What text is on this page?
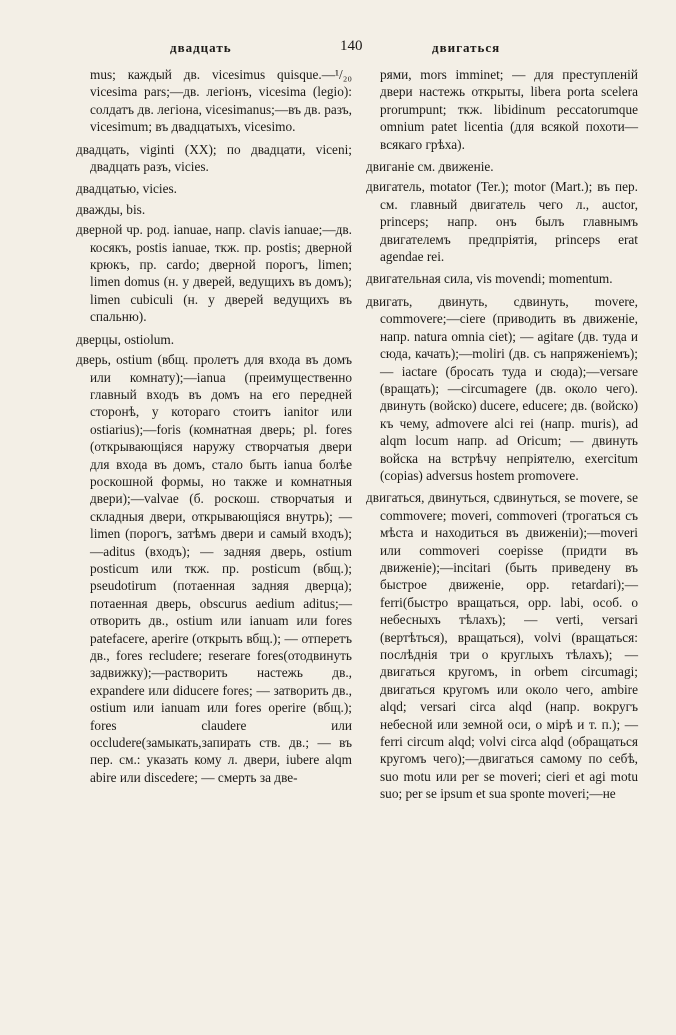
двадцать	140	двигаться

mus; каждый дв. vicesimus quisque.—¹/₂₀ vicesima pars;—дв. легіонъ, vicesima (legio): солдатъ дв. легіона, vicesimanus;—въ дв. разъ, vicesimum; въ двадцатыхъ, vicesimo.

двадцать, viginti (XX); по двадцати, viceni; двадцать разъ, vicies.

двадцатью, vicies.

дважды, bis.

дверной чр. род. ianuae, напр. clavis ianuae;—дв. косякъ, postis ianuae, ткж. пр. postis; дверной крюкъ, пр. cardo; дверной порогъ, limen; limen domus (н. у дверей, ведущихъ въ домъ); limen cubiculi (н. у дверей ведущихъ въ спальню).

дверцы, ostiolum.

дверь, ostium (вбщ. пролетъ для входа въ домъ или комнату);—ianua (преимущественно главный входъ въ домъ на его передней сторонѣ, у котораго стоитъ ianitor или ostiarius);—foris (комнатная дверь; pl. fores (открывающіяся наружу створчатыя двери для входа въ домъ, стало быть ianua болѣе роскошной формы, но также и комнатныя двери);—valvae (б. роскош. створчатыя и складныя двери, открывающіяся внутрь); —limen (порогъ, затѣмъ двери и самый входъ);—aditus (входъ); — задняя дверь, ostium posticum или ткж. пр. posticum (вбщ.); pseudotirum (потаенная задняя дверца); потаенная дверь, obscurus aedium aditus;—отворить дв., ostium или ianuam или fores patefacere, aperire (открыть вбщ.); — отперетъ дв., fores recludere; reserare fores(отодвинуть задвижку);—растворить настежь дв., expandere или diducere fores; — затворить дв., ostium или ianuam или fores operire (вбщ.); fores claudere или occludere(замыкать,запирать ств. дв.; — въ пер. см.: указать кому л. двери, iubere alqm abire или discedere; — смерть за две-

рями, mors imminet; — для преступленій двери настежь открыты, libera porta scelera prorumpunt; ткж. libidinum peccatorumque omnium patet licentia (для всякой похоти—всякаго грѣха).

двиганіе см. движеніе.

двигатель, motator (Ter.); motor (Mart.); въ пер. см. главный двигатель чего л., auctor, princeps; напр. онъ былъ главнымъ двигателемъ предпріятія, princeps erat agendae rei.

двигательная сила, vis movendi; momentum.

двигать, двинуть, сдвинуть, movere, commovere;—ciere (приводить въ движеніе, напр. natura omnia ciet); — agitare (дв. туда и сюда, качать);—moliri (дв. съ напряженіемъ); — iactare (бросать туда и сюда);—versare (вращать); —circumagere (дв. около чего). двинуть (войско) ducere, educere; дв. (войско) къ чему, admovere alci rei (напр. muris), ad alqm locum напр. ad Oricum; — двинуть войска на встрѣчу непріятелю, exercitum (copias) adversus hostem promovere.

двигаться, двинуться, сдвинуться, se movere, se commovere; moveri, commoveri (трогаться съ мѣста и находиться въ движеніи);—moveri или commoveri coepisse (придти въ движеніе);—incitari (быть приведену въ быстрое движеніе, opp. retardari);—ferri(быстро вращаться, opp. labi, особ. о небесныхъ тѣлахъ); — verti, versari (вертѣться), вращаться), volvi (вращаться: послѣднія три о круглыхъ тѣлахъ); — двигаться кругомъ, in orbem circumagi; двигаться кругомъ или около чего, ambire alqd; versari circa alqd (напр. вокругъ небесной или земной оси, о мірѣ и т. п.); — ferri circum alqd; volvi circa alqd (обращаться кругомъ чего);—двигаться самому по себѣ, suo motu или per se moveri; cieri et agi motu suo; per se ipsum et sua sponte moveri;—не
